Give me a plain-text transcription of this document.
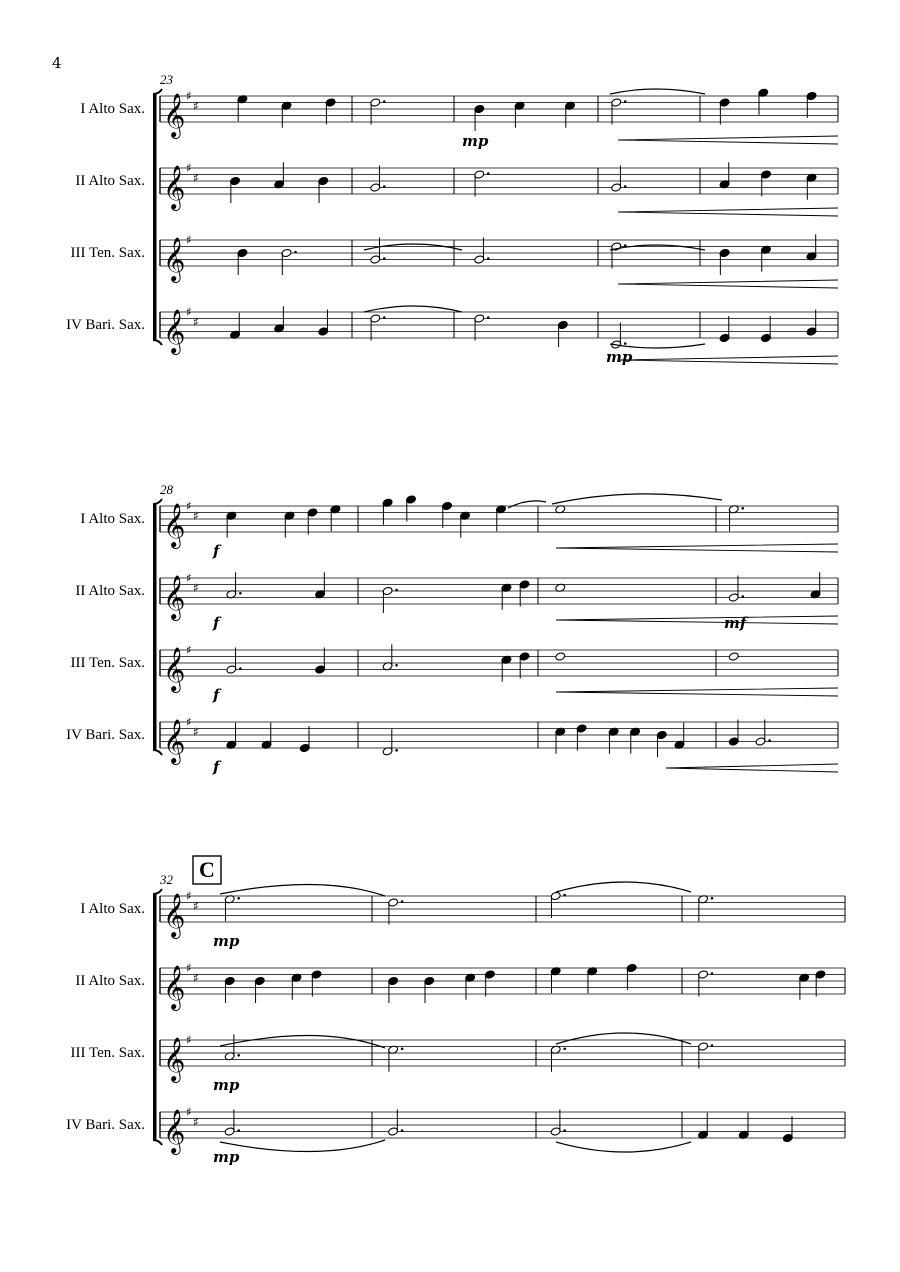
4
23
I Alto Sax. 𝄞 ♯
♯
mp
II Alto Sax. 𝄞 ♯
♯
III Ten. Sax. 𝄞 ♯
IV Bari. Sax. 𝄞 ♯
♯
mp
28
I Alto Sax. 𝄞 ♯
♯
f
II Alto Sax. 𝄞 ♯
♯
f	mf
III Ten. Sax. 𝄞 ♯
f
IV Bari. Sax. 𝄞 ♯
♯
f
32 C
I Alto Sax. 𝄞 ♯
♯
mp
II Alto Sax. 𝄞 ♯
♯
III Ten. Sax. 𝄞 ♯
mp
IV Bari. Sax. 𝄞 ♯
♯
mp
